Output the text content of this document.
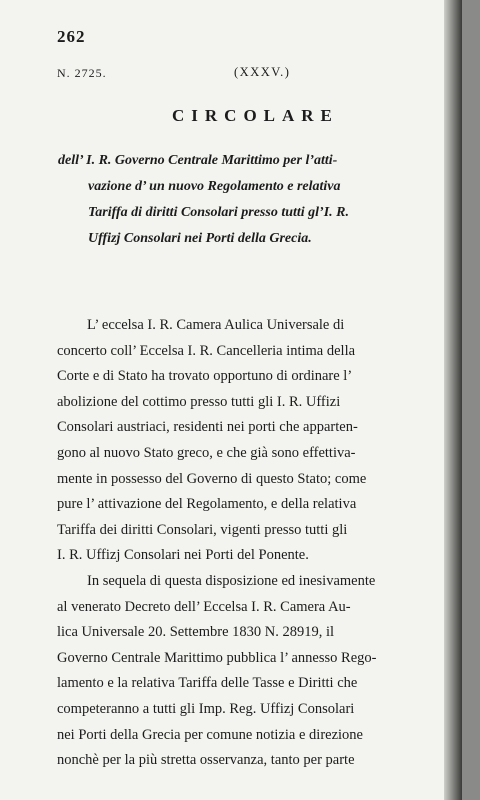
262
N. 2725.	(XXXV.)
CIRCOLARE
dell’ I. R. Governo Centrale Marittimo per l’atti-
vazione d’ un nuovo Regolamento e relativa
Tariffa di diritti Consolari presso tutti gl’I. R.
Uffizj Consolari nei Porti della Grecia.
L’ eccelsa I. R. Camera Aulica Universale di
concerto coll’ Eccelsa I. R. Cancelleria intima della
Corte e di Stato ha trovato opportuno di ordinare l’
abolizione del cottimo presso tutti gli I. R. Uffizi
Consolari austriaci, residenti nei porti che apparten-
gono al nuovo Stato greco, e che già sono effettiva-
mente in possesso del Governo di questo Stato; come
pure l’ attivazione del Regolamento, e della relativa
Tariffa dei diritti Consolari, vigenti presso tutti gli
I. R. Uffizj Consolari nei Porti del Ponente.
In sequela di questa disposizione ed inesivamente
al venerato Decreto dell’ Eccelsa I. R. Camera Au-
lica Universale 20. Settembre 1830 N. 28919, il
Governo Centrale Marittimo pubblica l’ annesso Rego-
lamento e la relativa Tariffa delle Tasse e Diritti che
competeranno a tutti gli Imp. Reg. Uffizj Consolari
nei Porti della Grecia per comune notizia e direzione
nonchè per la più stretta osservanza, tanto per parte
